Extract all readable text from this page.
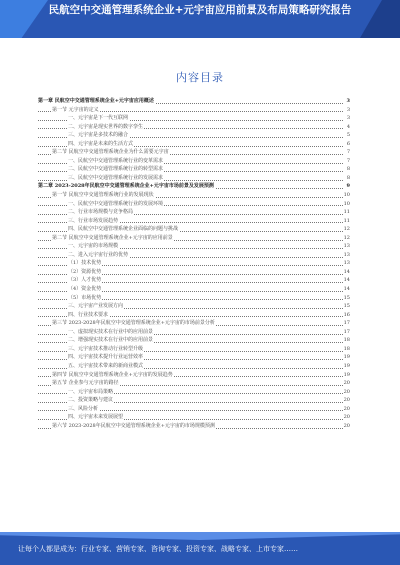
民航空中交通管理系统企业+元宇宙应用前景及布局策略研究报告
内容目录
第一章 民航空中交通管理系统企业+元宇宙应用概述	3
第一节 元宇宙的定义	3
一、元宇宙是下一代互联网	3
二、元宇宙是现实世界的数字孪生	4
三、元宇宙是多技术的融合	5
四、元宇宙是未来的生活方式	6
第二节 民航空中交通管理系统企业为什么需要元宇宙	7
一、民航空中交通管理系统行业的变革需求	7
二、民航空中交通管理系统行业的转型需求	8
三、民航空中交通管理系统行业的发展需求	8
第二章 2023-2028年民航空中交通管理系统企业+元宇宙市场前景及发展预测	9
第一节 民航空中交通管理系统行业的发展现状	10
一、民航空中交通管理系统行业的发展环境	10
二、行业市场规模与竞争格局	11
三、行业市场发展趋势	11
四、民航空中交通管理系统企业面临的问题与挑战	12
第二节 民航空中交通管理系统企业+元宇宙的应用前景	12
一、元宇宙的市场规模	13
二、进入元宇宙行业的优势	13
（1）技术优势	13
（2）资源优势	14
（3）人才优势	14
（4）资金优势	14
（5）市场优势	15
三、元宇宙产业发展方向	15
四、行业技术要求	16
第三节 2023-2028年民航空中交通管理系统企业+元宇宙的市场前景分析	17
一、虚拟现实技术在行业中的应用前景	17
二、增强现实技术在行业中的应用前景	18
三、元宇宙技术推动行业转型升级	18
四、元宇宙技术提升行业运营效率	19
五、元宇宙技术带来的新商业模式	19
第四节 民航空中交通管理系统企业+元宇宙的发展趋势	19
第五节 企业参与元宇宙的路径	20
一、元宇宙布局策略	20
二、投资策略与建议	20
三、风险分析	20
四、元宇宙未来发展展望	20
第六节 2023-2028年民航空中交通管理系统企业+元宇宙的市场规模预测	20
让每个人都是成为：行业专家、营销专家、咨询专家、投资专家、战略专家、上市专家……
